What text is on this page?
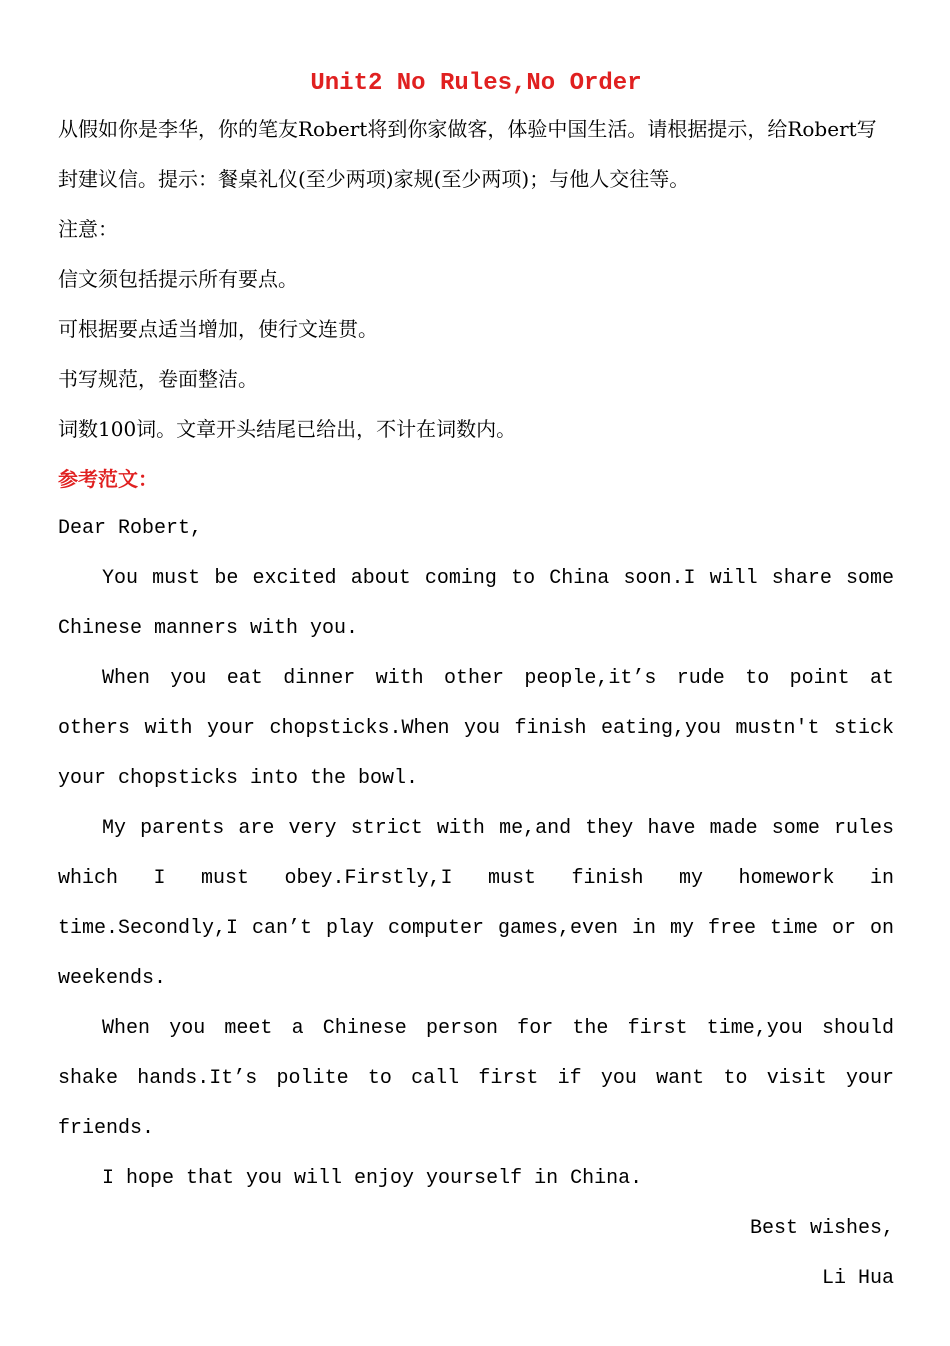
Unit2 No Rules,No Order

从假如你是李华，你的笔友Robert将到你家做客，体验中国生活。请根据提示，给Robert写封建议信。提示：餐桌礼仪(至少两项)家规(至少两项)；与他人交往等。

注意：

信文须包括提示所有要点。

可根据要点适当增加，使行文连贯。

书写规范，卷面整洁。

词数100词。文章开头结尾已给出，不计在词数内。

参考范文：

Dear Robert,

You must be excited about coming to China soon.I will share some Chinese manners with you.

When you eat dinner with other people,it’s rude to point at others with your chopsticks.When you finish eating,you mustn't stick your chopsticks into the bowl.

My parents are very strict with me,and they have made some rules which I must obey.Firstly,I must finish my homework in time.Secondly,I can’t play computer games,even in my free time or on weekends.

When you meet a Chinese person for the first time,you should shake hands.It’s polite to call first if you want to visit your friends.

I hope that you will enjoy yourself in China.

Best wishes,

Li Hua
